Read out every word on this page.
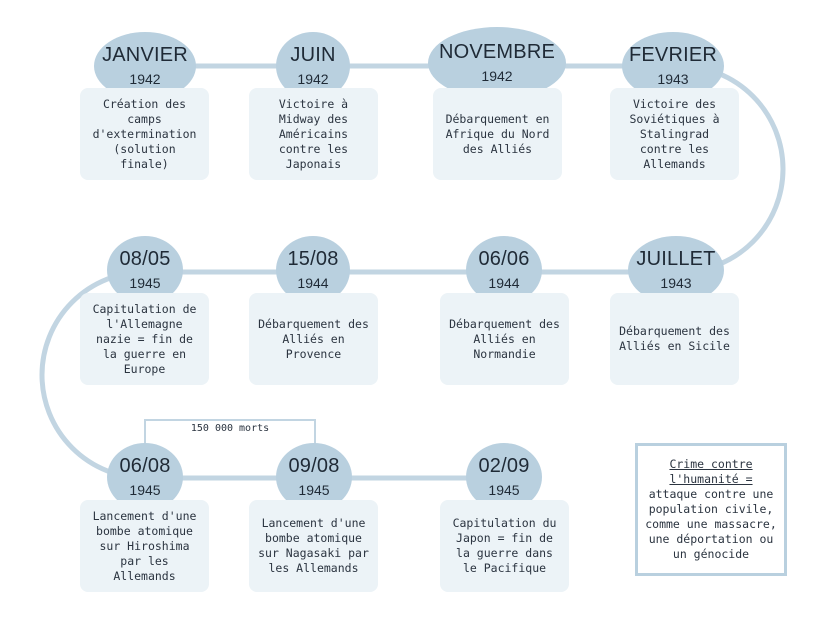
JANVIER
1942
Création des camps d'extermination (solution finale)
JUIN
1942
Victoire à Midway des Américains contre les Japonais
NOVEMBRE
1942
Débarquement en Afrique du Nord des Alliés
FEVRIER
1943
Victoire des Soviétiques à Stalingrad contre les Allemands
JUILLET
1943
Débarquement des Alliés en Sicile
06/06
1944
Débarquement des Alliés en Normandie
15/08
1944
Débarquement des Alliés en Provence
08/05
1945
Capitulation de l'Allemagne nazie = fin de la guerre en Europe
150 000 morts
06/08
1945
Lancement d'une bombe atomique sur Hiroshima par les Allemands
09/08
1945
Lancement d'une bombe atomique sur Nagasaki par les Allemands
02/09
1945
Capitulation du Japon = fin de la guerre dans le Pacifique
Crime contre l'humanité =
attaque contre une population civile, comme une massacre, une déportation ou un génocide
